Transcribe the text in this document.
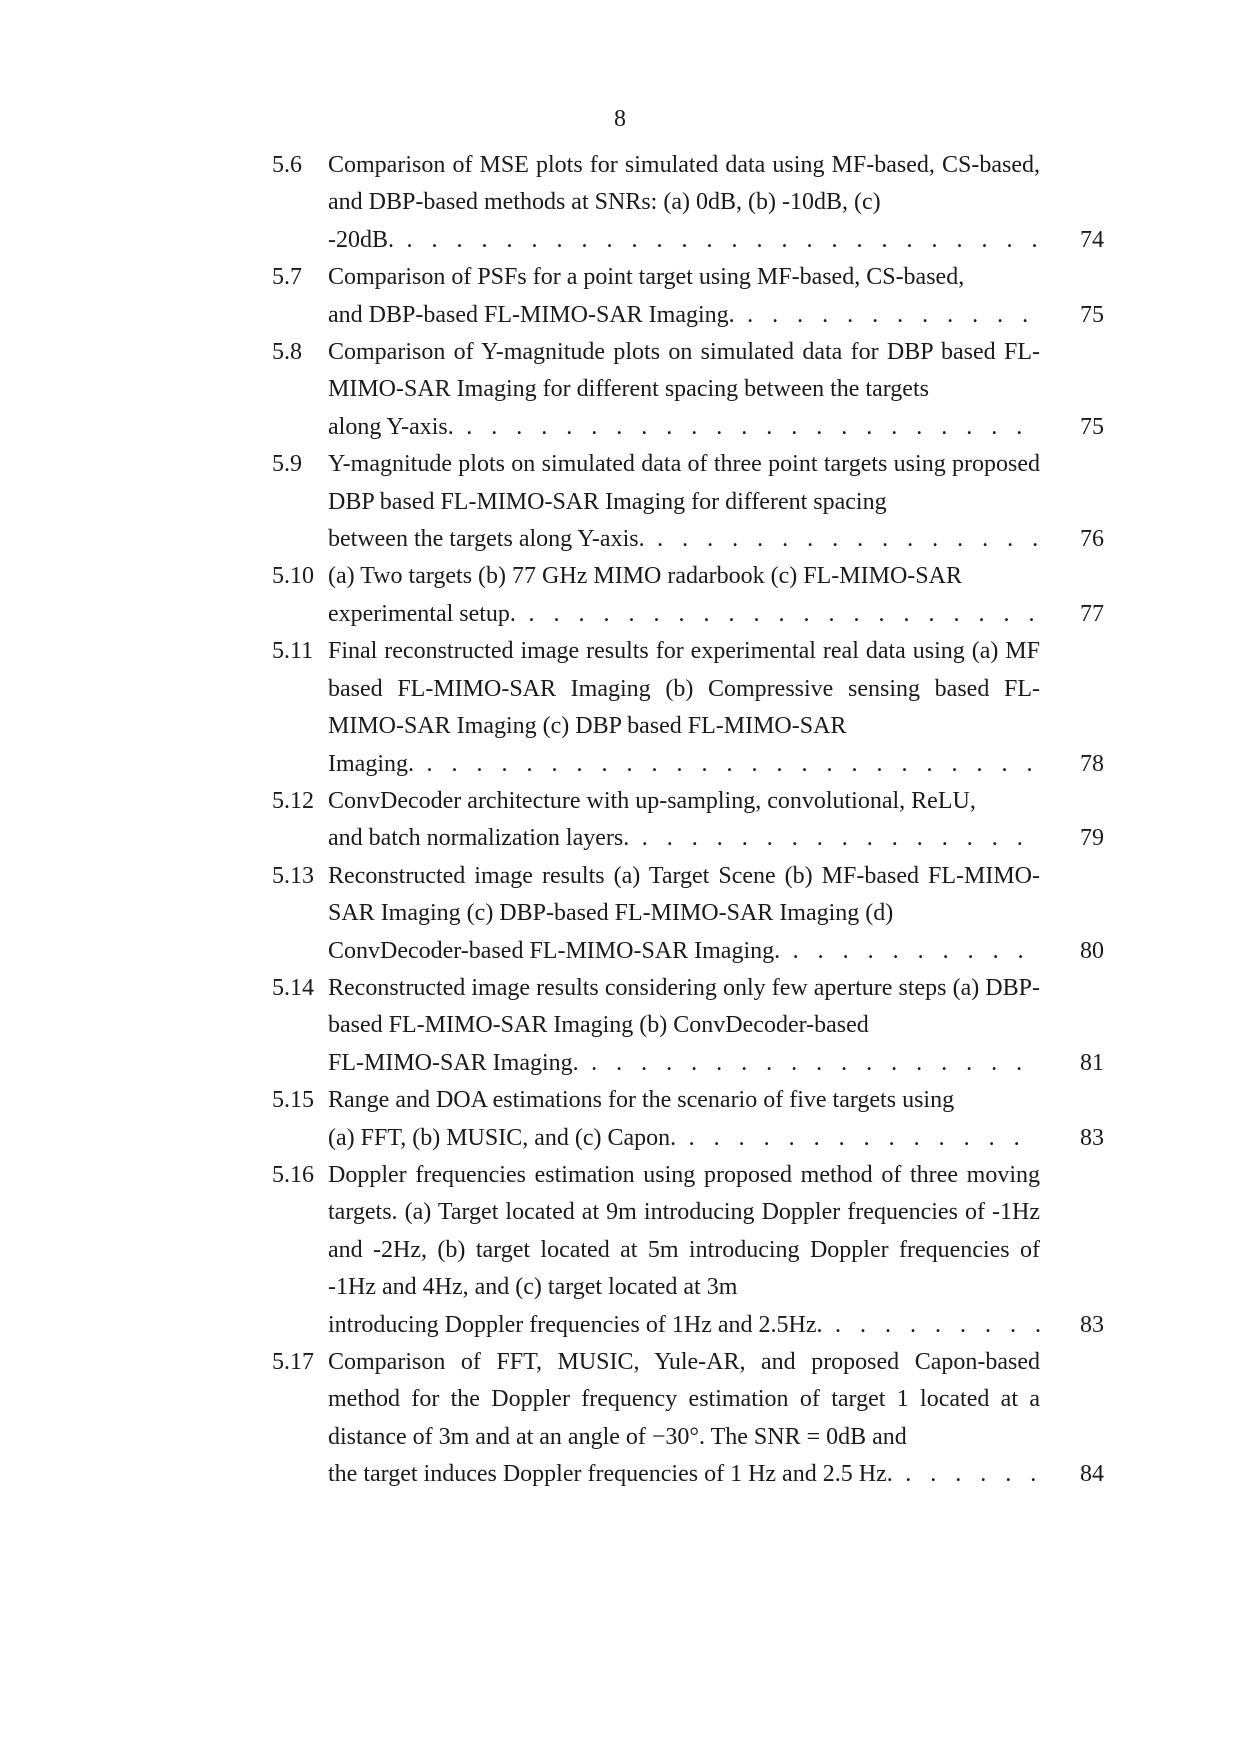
8
5.6 Comparison of MSE plots for simulated data using MF-based, CS-based, and DBP-based methods at SNRs: (a) 0dB, (b) -10dB, (c)
-20dB. . . .	74
5.7 Comparison of PSFs for a point target using MF-based, CS-based,
and DBP-based FL-MIMO-SAR Imaging. . . .	75
5.8 Comparison of Y-magnitude plots on simulated data for DBP based FL-MIMO-SAR Imaging for different spacing between the targets
along Y-axis. . . .	75
5.9 Y-magnitude plots on simulated data of three point targets using proposed DBP based FL-MIMO-SAR Imaging for different spacing
between the targets along Y-axis. . . .	76
5.10 (a) Two targets (b) 77 GHz MIMO radarbook (c) FL-MIMO-SAR
experimental setup. . . .	77
5.11 Final reconstructed image results for experimental real data using (a) MF based FL-MIMO-SAR Imaging (b) Compressive sensing based FL-MIMO-SAR Imaging (c) DBP based FL-MIMO-SAR
Imaging. . . .	78
5.12 ConvDecoder architecture with up-sampling, convolutional, ReLU,
and batch normalization layers. . . .	79
5.13 Reconstructed image results (a) Target Scene (b) MF-based FL-MIMO-SAR Imaging (c) DBP-based FL-MIMO-SAR Imaging (d)
ConvDecoder-based FL-MIMO-SAR Imaging. . . .	80
5.14 Reconstructed image results considering only few aperture steps (a) DBP-based FL-MIMO-SAR Imaging (b) ConvDecoder-based
FL-MIMO-SAR Imaging. . . .	81
5.15 Range and DOA estimations for the scenario of five targets using
(a) FFT, (b) MUSIC, and (c) Capon. . . .	83
5.16 Doppler frequencies estimation using proposed method of three moving targets. (a) Target located at 9m introducing Doppler frequencies of -1Hz and -2Hz, (b) target located at 5m introducing Doppler frequencies of -1Hz and 4Hz, and (c) target located at 3m
introducing Doppler frequencies of 1Hz and 2.5Hz. . . .	83
5.17 Comparison of FFT, MUSIC, Yule-AR, and proposed Capon-based method for the Doppler frequency estimation of target 1 located at a distance of 3m and at an angle of −30°. The SNR = 0dB and
the target induces Doppler frequencies of 1 Hz and 2.5 Hz. . . .	84
